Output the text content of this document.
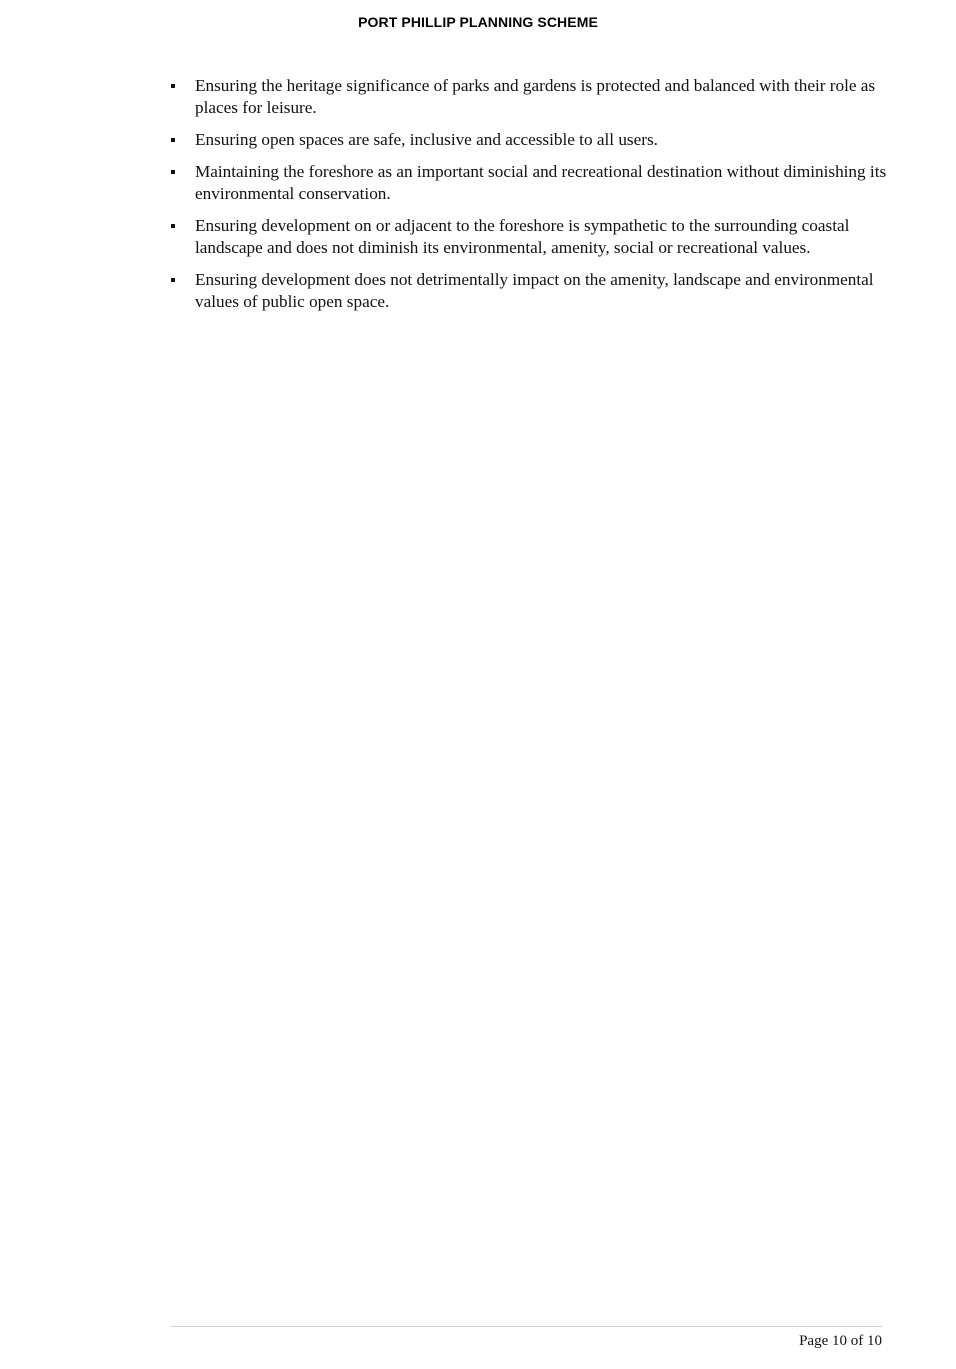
PORT PHILLIP PLANNING SCHEME
Ensuring the heritage significance of parks and gardens is protected and balanced with their role as places for leisure.
Ensuring open spaces are safe, inclusive and accessible to all users.
Maintaining the foreshore as an important social and recreational destination without diminishing its environmental conservation.
Ensuring development on or adjacent to the foreshore is sympathetic to the surrounding coastal landscape and does not diminish its environmental, amenity, social or recreational values.
Ensuring development does not detrimentally impact on the amenity, landscape and environmental values of public open space.
Page 10 of 10
